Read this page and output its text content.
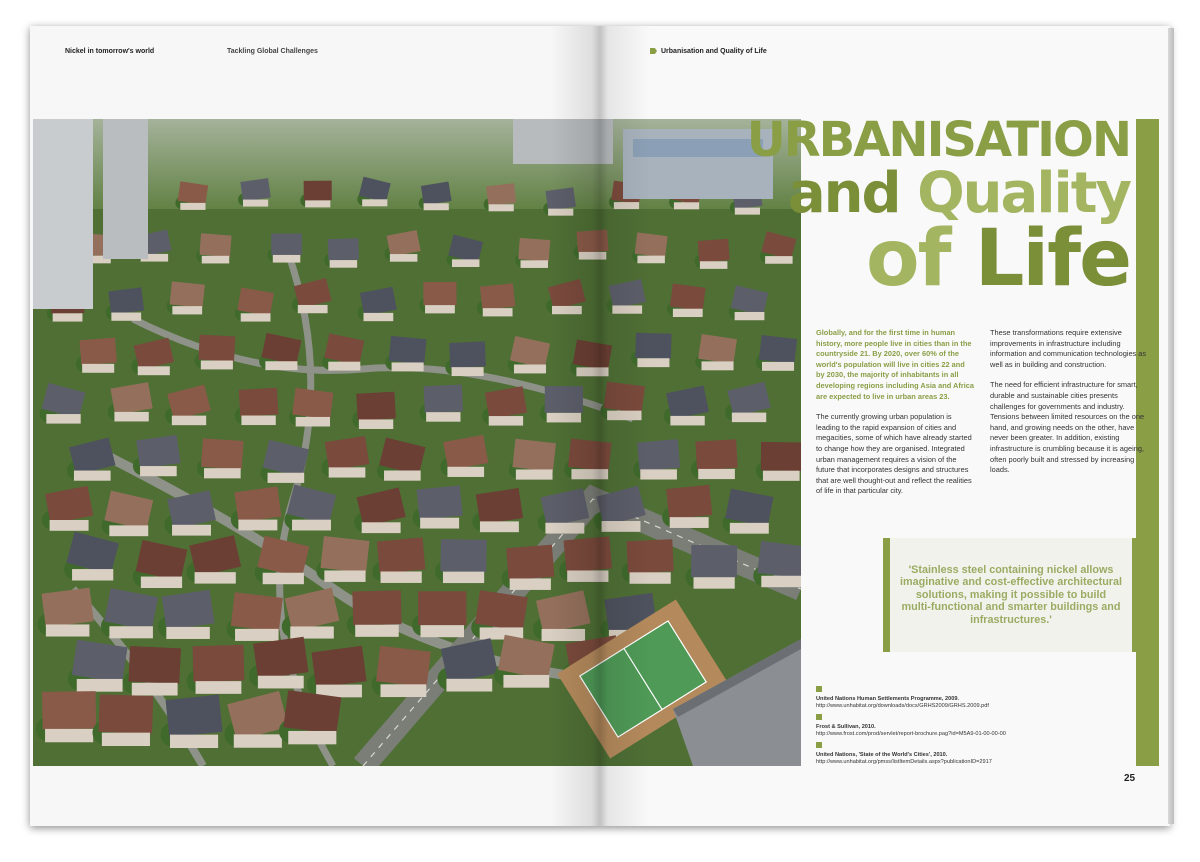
Nickel in tomorrow's world	Tackling Global Challenges	Urbanisation and Quality of Life
URBANISATION
and Quality
of Life

Globally, and for the first time in human history, more people live in cities than in the countryside 21. By 2020, over 60% of the world's population will live in cities 22 and by 2030, the majority of inhabitants in all developing regions including Asia and Africa are expected to live in urban areas 23.

The currently growing urban population is leading to the rapid expansion of cities and megacities, some of which have already started to change how they are organised. Integrated urban management requires a vision of the future that incorporates designs and structures that are well thought-out and reflect the realities of life in that particular city.

These transformations require extensive improvements in infrastructure including information and communication technologies as well as in building and construction.

The need for efficient infrastructure for smart, durable and sustainable cities presents challenges for governments and industry. Tensions between limited resources on the one hand, and growing needs on the other, have never been greater. In addition, existing infrastructure is crumbling because it is ageing, often poorly built and stressed by increasing loads.

'Stainless steel containing nickel allows imaginative and cost-effective architectural solutions, making it possible to build multi-functional and smarter buildings and infrastructures.'
United Nations Human Settlements Programme, 2009.
http://www.unhabitat.org/downloads/docs/GRHS2009/GRHS.2009.pdf
Frost & Sullivan, 2010.
http://www.frost.com/prod/servlet/report-brochure.pag?id=M5A9-01-00-00-00
United Nations, 'State of the World's Cities', 2010.
http://www.unhabitat.org/pmss/listItemDetails.aspx?publicationID=2917
25
